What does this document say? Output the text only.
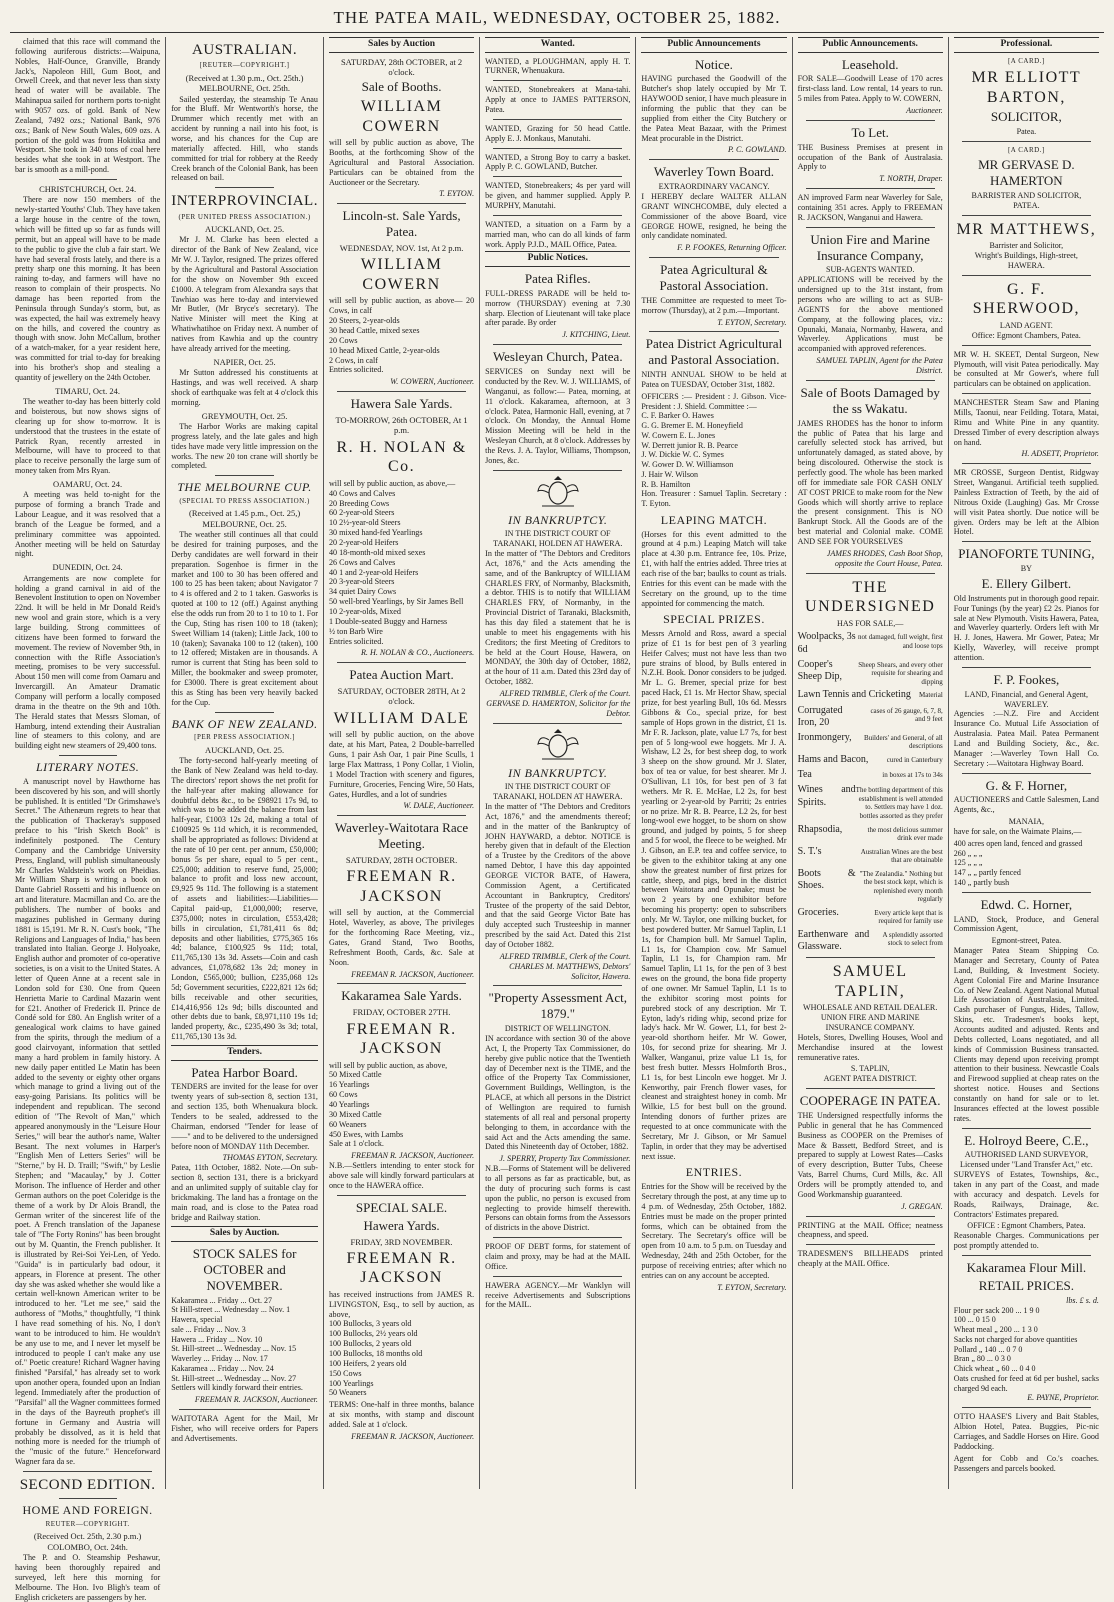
THE PATEA MAIL, WEDNESDAY, OCTOBER 25, 1882.

claimed that this race will command the following auriferous districts:—Waipuna, Nobles, Half-Ounce, Granville, Brandy Jack's, Napoleon Hill, Gum Boot, and Orwell Creek, and that never less than sixty head of water will be available. The Mahinapua sailed for northern ports to-night with 9057 ozs. of gold. Bank of New Zealand, 7492 ozs.; National Bank, 976 ozs.; Bank of New South Wales, 609 ozs. A portion of the gold was from Hokitika and Westport. She took in 340 tons of coal here besides what she took in at Westport. The bar is smooth as a mill-pond.

CHRISTCHURCH, Oct. 24.

There are now 150 members of the newly-started Youths' Club. They have taken a large house in the centre of the town, which will be fitted up so far as funds will permit, but an appeal will have to be made to the public to give the club a fair start. We have had several frosts lately, and there is a pretty sharp one this morning. It has been raining to-day, and farmers will have no reason to complain of their prospects. No damage has been reported from the Peninsula through Sunday's storm, but, as was expected, the hail was extremely heavy on the hills, and covered the country as though with snow. John McCallum, brother of a watch-maker, for a year resident here, was committed for trial to-day for breaking into his brother's shop and stealing a quantity of jewellery on the 24th October.

TIMARU, Oct. 24.

The weather to-day has been bitterly cold and boisterous, but now shows signs of clearing up for show to-morrow. It is understood that the trustees in the estate of Patrick Ryan, recently arrested in Melbourne, will have to proceed to that place to receive personally the large sum of money taken from Mrs Ryan.

OAMARU, Oct. 24.

A meeting was held to-night for the purpose of forming a branch Trade and Labour League, and it was resolved that a branch of the League be formed, and a preliminary committee was appointed. Another meeting will be held on Saturday night.

DUNEDIN, Oct. 24.

Arrangements are now complete for holding a grand carnival in aid of the Benevolent Institution to open on November 22nd. It will be held in Mr Donald Reid's new wool and grain store, which is a very large building. Strong committees of citizens have been formed to forward the movement. The review of November 9th, in connection with the Rifle Association's meeting, promises to be very successful. About 150 men will come from Oamaru and Invercargill. An Amateur Dramatic Company will perform a locally composed drama in the theatre on the 9th and 10th. The Herald states that Messrs Sloman, of Hamburg, intend extending their Australian line of steamers to this colony, and are building eight new steamers of 29,400 tons.

LITERARY NOTES.

A manuscript novel by Hawthorne has been discovered by his son, and will shortly be published. It is entitled "Dr Grimshawe's Secret." The Athenæum regrets to hear that the publication of Thackeray's supposed preface to his "Irish Sketch Book" is indefinitely postponed. The Century Company and the Cambridge University Press, England, will publish simultaneously Mr Charles Waldstein's work on Pheidias. Mr William Sharp is writing a book on Dante Gabriel Rossetti and his influence on art and literature. Macmillan and Co. are the publishers. The number of books and magazines published in Germany during 1881 is 15,191. Mr R. N. Cust's book, "The Religions and Languages of India," has been translated into Italian. George J. Holyoake, English author and promoter of co-operative societies, is on a visit to the United States. A letter of Queen Anne at a recent sale in London sold for £30. One from Queen Henrietta Marie to Cardinal Mazarin went for £21. Another of Frederick II. Prince de Condé sold for £80. An English writer of a genealogical work claims to have gained from the spirits, through the medium of a good clairvoyant, information that settled many a hard problem in family history. A new daily paper entitled Le Matin has been added to the seventy or eighty other organs which manage to grind a living out of the easy-going Parisians. Its politics will be independent and republican. The second edition of "The Revolt of Man," which appeared anonymously in the "Leisure Hour Series," will bear the author's name, Walter Besant. The next volumes in Harper's "English Men of Letters Series" will be "Sterne," by H. D. Traill; "Swift," by Leslie Stephen; and "Macaulay," by J. Cotter Morison. The influence of Herder and other German authors on the poet Coleridge is the theme of a work by Dr Alois Brandl, the German writer of the sincerest life of the poet. A French translation of the Japanese tale of "The Forty Ronins" has been brought out by M. Quantin, the French publisher. It is illustrated by Rei-Soi Yei-Len, of Yedo. "Guida" is in particularly bad odour, it appears, in Florence at present. The other day she was asked whether she would like a certain well-known American writer to be introduced to her. "Let me see," said the authoress of "Moths," thoughtfully, "I think I have read something of his. No, I don't want to be introduced to him. He wouldn't be any use to me, and I never let myself be introduced to people I can't make any use of." Poetic creature! Richard Wagner having finished "Parsifal," has already set to work upon another opera, founded upon an Indian legend. Immediately after the production of "Parsifal" all the Wagner committees formed in the days of the Bayreuth prophet's ill fortune in Germany and Austria will probably be dissolved, as it is held that nothing more is needed for the triumph of the "music of the future." Henceforward Wagner fara da se.

SECOND EDITION.
HOME AND FOREIGN.
REUTER—COPYRIGHT.
(Received Oct. 25th, 2.30 p.m.) COLOMBO, Oct. 24th.

The P. and O. Steamship Peshawur, having been thoroughly repaired and surveyed, left here this morning for Melbourne. The Hon. Ivo Bligh's team of English cricketers are passengers by her.

AUSTRALIAN.
[REUTER—COPYRIGHT.]
(Received at 1.30 p.m., Oct. 25th.) MELBOURNE, Oct. 25th.

Sailed yesterday, the steamship Te Anau for the Bluff. Mr Wentworth's horse, the Drummer which recently met with an accident by running a nail into his foot, is worse, and his chances for the Cup are materially affected. Hill, who stands committed for trial for robbery at the Reedy Creek branch of the Colonial Bank, has been released on bail.

INTERPROVINCIAL.
(PER UNITED PRESS ASSOCIATION.)
AUCKLAND, Oct. 25.

Mr J. M. Clarke has been elected a director of the Bank of New Zealand, vice Mr W. J. Taylor, resigned. The prizes offered by the Agricultural and Pastoral Association for the show on November 9th exceed £1000. A telegram from Alexandra says that Tawhiao was here to-day and interviewed Mr Butler, (Mr Bryce's secretary). The Native Minister will meet the King at Whatiwhatihoe on Friday next. A number of natives from Kawhia and up the country have already arrived for the meeting.

NAPIER, Oct. 25.

Mr Sutton addressed his constituents at Hastings, and was well received. A sharp shock of earthquake was felt at 4 o'clock this morning.

GREYMOUTH, Oct. 25.

The Harbor Works are making capital progress lately, and the late gales and high tides have made very little impression on the works. The new 20 ton crane will shortly be completed.

THE MELBOURNE CUP.
(SPECIAL TO PRESS ASSOCIATION.)
(Received at 1.45 p.m., Oct. 25,) MELBOURNE, Oct. 25.

The weather still continues all that could be desired for training purposes, and the Derby candidates are well forward in their preparation. Sogenhoe is firmer in the market and 100 to 30 has been offered and 100 to 25 has been taken; about Navigator 7 to 4 is offered and 2 to 1 taken. Gasworks is quoted at 100 to 12 (off.) Against anything else the odds run from 20 to 1 to 10 to 1. For the Cup, Sting has risen 100 to 18 (taken); Sweet William 14 (taken); Little Jack, 100 to 10 (taken); Savanaka 100 to 12 (taken), 100 to 12 offered; Mistaken are in thousands. A rumor is current that Sting has been sold to Miller, the bookmaker and sweep promoter, for £3000. There is great excitement about this as Sting has been very heavily backed for the Cup.

BANK OF NEW ZEALAND.
[PER PRESS ASSOCIATION.]
AUCKLAND, Oct. 25.

The forty-second half-yearly meeting of the Bank of New Zealand was held to-day. The directors' report shows the net profit for the half-year after making allowance for doubtful debts &c., to be £98921 17s 9d, to which was to be added the balance from last half-year, £1003 12s 2d, making a total of £100925 9s 11d which, it is recommended, shall be appropriated as follows: Dividend at the rate of 10 per cent. per annum, £50,000; bonus 5s per share, equal to 5 per cent., £25,000; addition to reserve fund, 25,000; balance to profit and loss new account, £9,925 9s 11d. The following is a statement of assets and liabilities:—Liabilities—Capital paid-up, £1,000,000; reserve, £375,000; notes in circulation, £553,428; bills in circulation, £1,781,411 6s 8d; deposits and other liabilities, £775,365 16s 4d; balance, £100,925 9s 11d; total, £11,765,130 13s 3d. Assets—Coin and cash advances, £1,078,682 13s 2d; money in London, £565,000; bullion, £235,068 12s 5d; Government securities, £222,821 12s 6d; bills receivable and other securities, £14,416,956 12s 9d; bills discounted and other debts due to bank, £8,971,110 19s 1d; landed property, &c., £235,490 3s 3d; total, £11,765,130 13s 3d.

Tenders.
Patea Harbor Board.
TENDERS are invited for the lease for over twenty years of sub-section 8, section 131, and section 135, both Whenuakura block. Tenders to be sealed, addressed to the Chairman, endorsed "Tender for lease of ——" and to be delivered to the undersigned before noon of MONDAY 11th December.
THOMAS EYTON, Secretary.
Patea, 11th October, 1882. Note.—On sub-section 8, section 131, there is a brickyard and an unlimited supply of suitable clay for brickmaking. The land has a frontage on the main road, and is close to the Patea road bridge and Railway station.
Sales by Auction.
STOCK SALES for OCTOBER and NOVEMBER.
Kakaramea ... Friday ... Oct. 27
St Hill-street ... Wednesday ... Nov. 1
Hawera, special
sale ... Friday ... Nov. 3
Hawera ... Friday ... Nov. 10
St. Hill-street ... Wednesday ... Nov. 15
Waverley ... Friday ... Nov. 17
Kakaramea ... Friday ... Nov. 24
St. Hill-street ... Wednesday ... Nov. 27
Settlers will kindly forward their entries.
FREEMAN R. JACKSON, Auctioneer.
WAITOTARA Agent for the Mail, Mr Fisher, who will receive orders for Papers and Advertisements.
Sales by Auction
SATURDAY, 28th OCTOBER, at 2 o'clock.
Sale of Booths.
WILLIAM COWERN
will sell by public auction as above, The Booths, at the forthcoming Show of the Agricultural and Pastoral Association. Particulars can be obtained from the Auctioneer or the Secretary.
T. EYTON.
Lincoln-st. Sale Yards, Patea.
WEDNESDAY, NOV. 1st, At 2 p.m.
WILLIAM COWERN
will sell by public auction, as above— 20 Cows, in calf
20 Steers, 2-year-olds
30 head Cattle, mixed sexes
20 Cows
10 head Mixed Cattle, 2-year-olds
2 Cows, in calf
Entries solicited.
W. COWERN, Auctioneer.
Hawera Sale Yards.
TO-MORROW, 26th OCTOBER, At 1 p.m.
R. H. NOLAN & Co.
will sell by public auction, as above,—
40 Cows and Calves
20 Breeding Cows
60 2-year-old Steers
10 2½-year-old Steers
30 mixed hand-fed Yearlings
20 2-year-old Heifers
40 18-month-old mixed sexes
26 Cows and Calves
40 1 and 2-year-old Heifers
20 3-year-old Steers
34 quiet Dairy Cows
50 well-bred Yearlings, by Sir James Bell
10 2-year-olds, Mixed
1 Double-seated Buggy and Harness
½ ton Barb Wire
Entries solicited.
R. H. NOLAN & CO., Auctioneers.
Patea Auction Mart.
SATURDAY, OCTOBER 28TH, At 2 o'clock.
WILLIAM DALE
will sell by public auction, on the above date, at his Mart, Patea, 2 Double-barrelled Guns, 1 pair Ash Oar, 1 pair Pine Sculls, 1 large Flax Mattrass, 1 Pony Collar, 1 Violin, 1 Model Traction with scenery and figures, Furniture, Groceries, Fencing Wire, 50 Hats, Gates, Hurdles, and a lot of sundries
W. DALE, Auctioneer.
Waverley-Waitotara Race Meeting.
SATURDAY, 28TH OCTOBER.
FREEMAN R. JACKSON
will sell by auction, at the Commercial Hotel, Waverley, as above, The privileges for the forthcoming Race Meeting, viz., Gates, Grand Stand, Two Booths, Refreshment Booth, Cards, &c. Sale at Noon.
FREEMAN R. JACKSON, Auctioneer.
Kakaramea Sale Yards.
FRIDAY, OCTOBER 27TH.
FREEMAN R. JACKSON
will sell by public auction, as above,
50 Mixed Cattle
16 Yearlings
60 Cows
40 Yearlings
30 Mixed Cattle
60 Weaners
450 Ewes, with Lambs
Sale at 1 o'clock.
FREEMAN R. JACKSON, Auctioneer.
N.B.—Settlers intending to enter stock for above sale will kindly forward particulars at once to the HAWERA office.
SPECIAL SALE.
Hawera Yards.
FRIDAY, 3RD NOVEMBER.
FREEMAN R. JACKSON
has received instructions from JAMES R. LIVINGSTON, Esq., to sell by auction, as above,
100 Bullocks, 3 years old
100 Bullocks, 2½ years old
100 Bullocks, 2 years old
100 Bullocks, 18 months old
100 Heifers, 2 years old
150 Cows
100 Yearlings
50 Weaners
TERMS: One-half in three months, balance at six months, with stamp and discount added. Sale at 1 o'clock.
FREEMAN R. JACKSON, Auctioneer.
Wanted.
WANTED, a PLOUGHMAN, apply H. T. TURNER, Whenuakura.
WANTED, Stonebreakers at Mana-tahi. Apply at once to JAMES PATTERSON, Patea.
WANTED, Grazing for 50 head Cattle. Apply E. J. Monkaus, Manutahi.
WANTED, a Strong Boy to carry a basket. Apply P. C. GOWLAND, Butcher.
WANTED, Stonebreakers; 4s per yard will be given, and hammer supplied. Apply P. MURPHY, Manutahi.
WANTED, a situation on a Farm by a married man, who can do all kinds of farm work. Apply P.J.D., MAIL Office, Patea.
Public Notices.
Patea Rifles.
FULL-DRESS PARADE will be held to-morrow (THURSDAY) evening at 7.30 sharp. Election of Lieutenant will take place after parade. By order
J. KITCHING, Lieut.
Wesleyan Church, Patea.
SERVICES on Sunday next will be conducted by the Rev. W. J. WILLIAMS, of Wanganui, as follow:— Patea, morning, at 11 o'clock. Kakaramea, afternoon, at 3 o'clock. Patea, Harmonic Hall, evening, at 7 o'clock. On Monday, the Annual Home Mission Meeting will be held in the Wesleyan Church, at 8 o'clock. Addresses by the Revs. J. A. Taylor, Williams, Thompson, Jones, &c.
IN BANKRUPTCY.
IN THE DISTRICT COURT OF TARANAKI, HOLDEN AT HAWERA.
In the matter of "The Debtors and Creditors Act, 1876," and the Acts amending the same, and of the Bankruptcy of WILLIAM CHARLES FRY, of Normanby, Blacksmith, a debtor. THIS is to notify that WILLIAM CHARLES FRY, of Normanby, in the Provincial District of Taranaki, Blacksmith, has this day filed a statement that he is unable to meet his engagements with his Creditors; the first Meeting of Creditors to be held at the Court House, Hawera, on MONDAY, the 30th day of October, 1882, at the hour of 11 a.m. Dated this 23rd day of October, 1882.
ALFRED TRIMBLE, Clerk of the Court. GERVASE D. HAMERTON, Solicitor for the Debtor.
IN BANKRUPTCY.
IN THE DISTRICT COURT OF TARANAKI, HOLDEN AT HAWERA.
In the matter of "The Debtors and Creditors Act, 1876," and the amendments thereof; and in the matter of the Bankruptcy of JOHN HAYWARD, a debtor. NOTICE is hereby given that in default of the Election of a Trustee by the Creditors of the above named Debtor, I have this day appointed GEORGE VICTOR BATE, of Hawera, Commission Agent, a Certificated Accountant in Bankruptcy, Creditors' Trustee of the property of the said Debtor, and that the said George Victor Bate has duly accepted such Trusteeship in manner prescribed by the said Act. Dated this 21st day of October 1882.
ALFRED TRIMBLE, Clerk of the Court. CHARLES M. MATTHEWS, Debtors' Solicitor, Hawera.
"Property Assessment Act, 1879."
DISTRICT OF WELLINGTON.
IN accordance with section 30 of the above Act, I, the Property Tax Commissioner, do hereby give public notice that the Twentieth day of December next is the TIME, and the office of the Property Tax Commissioner, Government Buildings, Wellington, is the PLACE, at which all persons in the District of Wellington are required to furnish statements of all real and personal property belonging to them, in accordance with the said Act and the Acts amending the same. Dated this Nineteenth day of October, 1882.
J. SPERRY, Property Tax Commissioner.
N.B.—Forms of Statement will be delivered to all persons as far as practicable, but, as the duty of procuring such forms is cast upon the public, no person is excused from neglecting to provide himself therewith. Persons can obtain forms from the Assessors of districts in the above District.
PROOF OF DEBT forms, for statement of claim and proxy, may be had at the MAIL Office.
HAWERA AGENCY.—Mr Wanklyn will receive Advertisements and Subscriptions for the MAIL.
Public Announcements
Notice.
HAVING purchased the Goodwill of the Butcher's shop lately occupied by Mr T. HAYWOOD senior, I have much pleasure in informing the public that they can be supplied from either the City Butchery or the Patea Meat Bazaar, with the Primest Meat procurable in the District.
P. C. GOWLAND.
Waverley Town Board.
EXTRAORDINARY VACANCY.
I HEREBY declare WALTER ALLAN GRANT WINCHCOMBE, duly elected a Commissioner of the above Board, vice GEORGE HOWE, resigned, he being the only candidate nominated.
F. P. FOOKES, Returning Officer.
Patea Agricultural & Pastoral Association.
THE Committee are requested to meet To-morrow (Thursday), at 2 p.m.—Important.
T. EYTON, Secretary.
Patea District Agricultural and Pastoral Association.
NINTH ANNUAL SHOW to be held at Patea on TUESDAY, October 31st, 1882.
OFFICERS :— President : J. Gibson. Vice-President : J. Shield. Committee :—
C. F. Barker O. Hawes
G. G. Bremer E. M. Honeyfield
W. Cowern E. L. Jones
W. Derrett junior R. B. Pearce
J. W. Dickie W. C. Symes
W. Gower D. W. Williamson
J. Hair W. Wilson
R. B. Hamilton
Hon. Treasurer : Samuel Taplin. Secretary : T. Eyton.
LEAPING MATCH.
(Horses for this event admitted to the ground at 4 p.m.) Leaping Match will take place at 4.30 p.m. Entrance fee, 10s. Prize, £1, with half the entries added. Three tries at each rise of the bar; baulks to count as trials. Entries for this event can be made with the Secretary on the ground, up to the time appointed for commencing the match.
SPECIAL PRIZES.
Messrs Arnold and Ross, award a special prize of £1 1s for best pen of 3 yearling Heifer Calves; must not have less than two pure strains of blood, by Bulls entered in N.Z.H. Book. Donor considers to be judged. Mr L. G. Bremer, special prize for best paced Hack, £1 1s. Mr Hector Shaw, special prize, for best yearling Bull, 10s 6d. Messrs Gibbons & Co., special prize, for best sample of Hops grown in the district, £1 1s. Mr F. R. Jackson, plate, value L7 7s, for best pen of 5 long-wool ewe hoggets. Mr J. A. Wishaw, L2 2s, for best sheep dog, to work 3 sheep on the show ground. Mr J. Slater, box of tea or value, for best shearer. Mr J. O'Sullivan, L1 10s, for best pen of 3 fat wethers. Mr R. E. McHae, L2 2s, for best yearling or 2-year-old by Parriti; 2s entries or no prize. Mr R. B. Pearce, L2 2s, for best long-wool ewe hogget, to be shorn on show ground, and judged by points, 5 for sheep and 5 for wool, the fleece to be weighed. Mr J. Gibson, an E.P. tea and coffee service, to be given to the exhibitor taking at any one show the greatest number of first prizes for cattle, sheep, and pigs, bred in the district between Waitotara and Opunake; must be won 2 years by one exhibitor before becoming his property: open to subscribers only. Mr W. Taylor, one milking bucket, for best powdered butter. Mr Samuel Taplin, L1 1s, for Champion bull. Mr Samuel Taplin, L1 1s, for Champion cow. Mr Samuel Taplin, L1 1s, for Champion ram. Mr Samuel Taplin, L1 1s, for the pen of 3 best ewes on the ground, the bona fide property of one owner. Mr Samuel Taplin, L1 1s to the exhibitor scoring most points for purebred stock of any description. Mr T. Eyton, lady's riding whip, second prize for lady's hack. Mr W. Gower, L1, for best 2-year-old shorthorn heifer. Mr W. Gower, 10s, for second prize for shearing. Mr J. Walker, Wanganui, prize value L1 1s, for best fresh butter. Messrs Holmforth Bros., L1 1s, for best Lincoln ewe hogget. Mr J. Kenworthy, pair French flower vases, for cleanest and straightest honey in comb. Mr Wilkie, L5 for best bull on the ground. Intending donors of further prizes are requested to at once communicate with the Secretary, Mr J. Gibson, or Mr Samuel Taplin, in order that they may be advertised next issue.
ENTRIES.
Entries for the Show will be received by the Secretary through the post, at any time up to 4 p.m. of Wednesday, 25th October, 1882. Entries must be made on the proper printed forms, which can be obtained from the Secretary. The Secretary's office will be open from 10 a.m. to 5 p.m. on Tuesday and Wednesday, 24th and 25th October, for the purpose of receiving entries; after which no entries can on any account be accepted.
T. EYTON, Secretary.
Public Announcements.
Leasehold.
FOR SALE—Goodwill Lease of 170 acres first-class land. Low rental, 14 years to run. 5 miles from Patea. Apply to W. COWERN,
Auctioneer.
To Let.
THE Business Premises at present in occupation of the Bank of Australasia. Apply to
T. NORTH, Draper.
AN improved Farm near Waverley for Sale, containing 351 acres. Apply to FREEMAN R. JACKSON, Wanganui and Hawera.
Union Fire and Marine Insurance Company,
SUB-AGENTS WANTED.
APPLICATIONS will be received by the undersigned up to the 31st instant, from persons who are willing to act as SUB-AGENTS for the above mentioned Company, at the following places, viz.: Opunaki, Manaia, Normanby, Hawera, and Waverley. Applications must be accompanied with approved references.
SAMUEL TAPLIN, Agent for the Patea District.
Sale of Boots Damaged by the ss Wakatu.
JAMES RHODES has the honor to inform the public of Patea that his large and carefully selected stock has arrived, but unfortunately damaged, as stated above, by being discoloured. Otherwise the stock is perfectly good. The whole has been marked off for immediate sale FOR CASH ONLY AT COST PRICE to make room for the New Goods which will shortly arrive to replace the present consignment. This is NO Bankrupt Stock. All the Goods are of the best material and Colonial make. COME AND SEE FOR YOURSELVES
JAMES RHODES, Cash Boot Shop, opposite the Court House, Patea.
THE UNDERSIGNED
HAS FOR SALE,—
Woolpacks, 3s 6d
not damaged, full weight, first and loose tops
Cooper's Sheep Dip,
Sheep Shears, and every other requisite for shearing and dipping
Lawn Tennis and Cricketing Material
Corrugated Iron, 20
cases of 26 gauge, 6, 7, 8, and 9 feet
Ironmongery,	Builders' and General, of all descriptions
Hams and Bacon,	cured in Canterbury
Tea	in boxes at 17s to 34s
Wines and Spirits.
The bottling department of this establishment is well attended to. Settlers may have 1 doz. bottles assorted as they prefer
Rhapsodia,	the most delicious summer drink ever made
S. T.'s	Australian Wines are the best that are obtainable
Boots & Shoes.
"The Zealandia." Nothing but the best stock kept, which is replenished every month regularly
Groceries.	Every article kept that is required for family use
Earthenware and Glassware.
A splendidly assorted stock to select from
SAMUEL TAPLIN,
WHOLESALE AND RETAIL DEALER.
UNION FIRE AND MARINE INSURANCE COMPANY.
Hotels, Stores, Dwelling Houses, Wool and Merchandise insured at the lowest remunerative rates.
S. TAPLIN,
AGENT PATEA DISTRICT.
COOPERAGE IN PATEA.
THE Undersigned respectfully informs the Public in general that he has Commenced Business as COOPER on the Premises of Mace & Bassett, Bedford Street, and is prepared to supply at Lowest Rates—Casks of every description, Butter Tubs, Cheese Vats, Barrel Churns, Curd Mills, &c. All Orders will be promptly attended to, and Good Workmanship guaranteed.
J. GREGAN.
PRINTING at the MAIL Office; neatness cheapness, and speed.
TRADESMEN'S BILLHEADS printed cheaply at the MAIL Office.
Professional.
[A CARD.]
MR ELLIOTT BARTON,
SOLICITOR,
Patea.
[A CARD.]
MR GERVASE D. HAMERTON
BARRISTER AND SOLICITOR,
PATEA.
MR MATTHEWS,
Barrister and Solicitor,
Wright's Buildings, High-street,
HAWERA.
G. F. SHERWOOD,
LAND AGENT.
Office: Egmont Chambers, Patea.
MR W. H. SKEET, Dental Surgeon, New Plymouth, will visit Patea periodically. May be consulted at Mr Gower's, where full particulars can be obtained on application.
MANCHESTER Steam Saw and Planing Mills, Taonui, near Feilding. Totara, Matai, Rimu and White Pine in any quantity. Dressed Timber of every description always on hand.
H. ADSETT, Proprietor.
MR CROSSE, Surgeon Dentist, Ridgway Street, Wanganui. Artificial teeth supplied. Painless Extraction of Teeth, by the aid of Nitrous Oxide (Laughing) Gas. Mr Crosse will visit Patea shortly. Due notice will be given. Orders may be left at the Albion Hotel.
PIANOFORTE TUNING,
BY
E. Ellery Gilbert.
Old Instruments put in thorough good repair. Four Tunings (by the year) £2 2s. Pianos for sale at New Plymouth. Visits Hawera, Patea, and Waverley quarterly. Orders left with Mr H. J. Jones, Hawera. Mr Gower, Patea; Mr Kielly, Waverley, will receive prompt attention.
F. P. Fookes,
LAND, Financial, and General Agent,
WAVERLEY.
Agencies :—N.Z. Fire and Accident Insurance Co. Mutual Life Association of Australasia. Patea Mail. Patea Permanent Land and Building Society, &c., &c. Manager :—Waverley Town Hall Co. Secretary :—Waitotara Highway Board.
G. & F. Horner,
AUCTIONEERS and Cattle Salesmen, Land Agents, &c.,
MANAIA,
have for sale, on the Waimate Plains,—
400 acres open land, fenced and grassed
260 „ „ „
125 „ „ „
147 „ „ partly fenced
140 „ partly bush
Edwd. C. Horner,
LAND, Stock, Produce, and General Commission Agent,
Egmont-street, Patea.
Manager Patea Steam Shipping Co. Manager and Secretary, County of Patea Land, Building, & Investment Society. Agent Colonial Fire and Marine Insurance Co. of New Zealand. Agent National Mutual Life Association of Australasia, Limited. Cash purchaser of Fungus, Hides, Tallow, Skins, etc. Tradesmen's books kept, Accounts audited and adjusted. Rents and Debts collected, Loans negotiated, and all kinds of Commission Business transacted. Clients may depend upon receiving prompt attention to their business. Newcastle Coals and Firewood supplied at cheap rates on the shortest notice. Houses and Sections constantly on hand for sale or to let. Insurances effected at the lowest possible rates.
E. Holroyd Beere, C.E.,
AUTHORISED LAND SURVEYOR,
Licensed under "Land Transfer Act," etc.
SURVEYS of Estates, Townships, &c., taken in any part of the Coast, and made with accuracy and despatch. Levels for Roads, Railways, Drainage, &c. Contractors' Estimates prepared.
OFFICE : Egmont Chambers, Patea.
Reasonable Charges. Communications per post promptly attended to.
Kakaramea Flour Mill.
RETAIL PRICES.
lbs. £ s. d.
Flour per sack 200 ... 1 9 0
100 ... 0 15 0
Wheat meal „ 200 ... 1 3 0
Sacks not charged for above quantities
Pollard „ 140 ... 0 7 0
Bran „ 80 ... 0 3 0
Chick wheat „ 60 ... 0 4 0
Oats crushed for feed at 6d per bushel, sacks charged 9d each.
E. PAYNE, Proprietor.
OTTO HAASE'S Livery and Bait Stables, Albion Hotel, Patea. Buggies, Pic-nic Carriages, and Saddle Horses on Hire. Good Paddocking.
Agent for Cobb and Co.'s coaches. Passengers and parcels booked.
